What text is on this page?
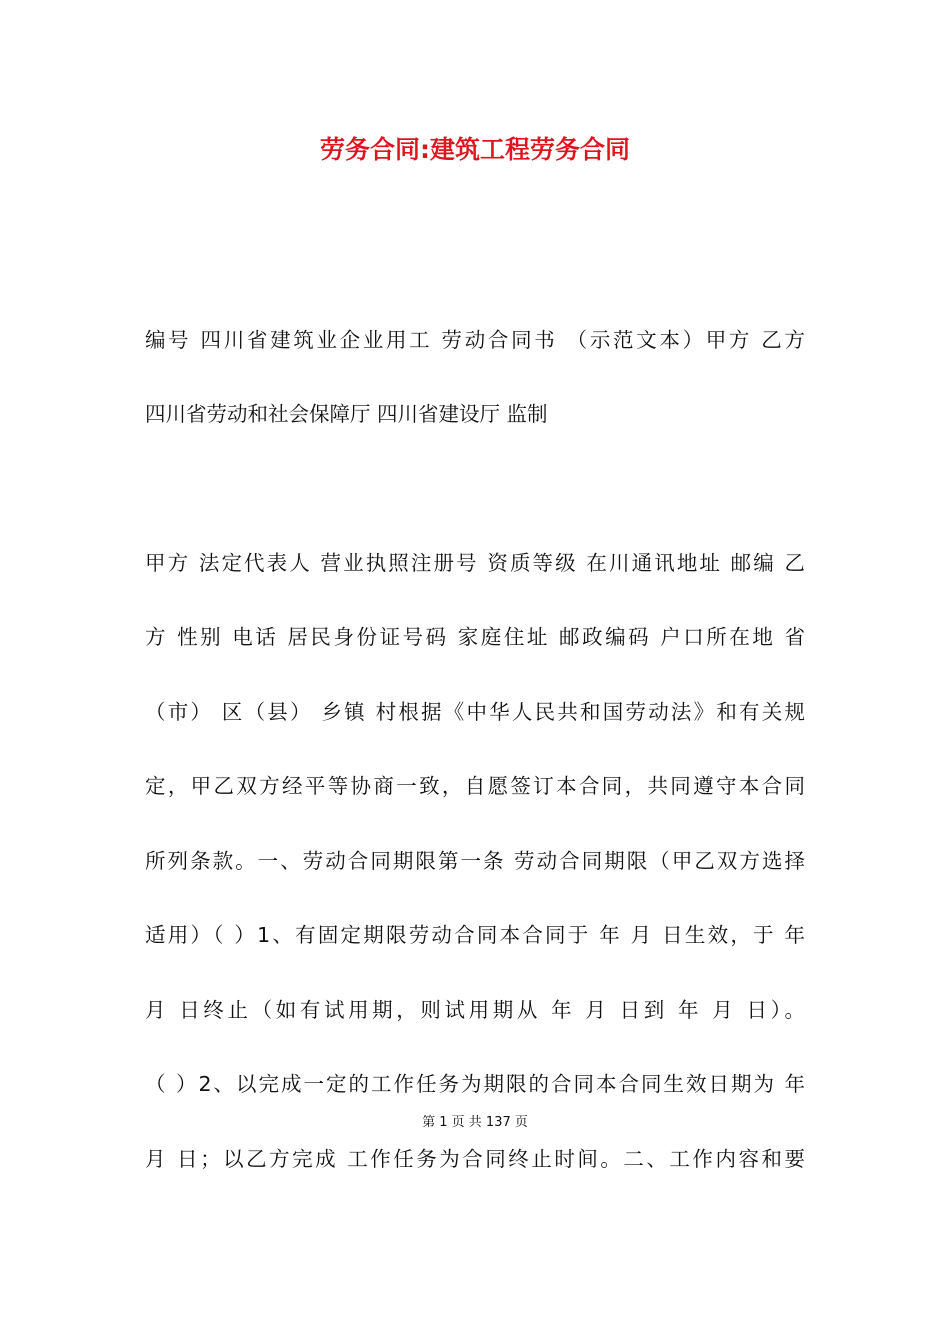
劳务合同:建筑工程劳务合同

编号 四川省建筑业企业用工 劳动合同书 （示范文本）甲方 乙方

四川省劳动和社会保障厅 四川省建设厅 监制

甲方 法定代表人 营业执照注册号 资质等级 在川通讯地址 邮编 乙

方 性别 电话 居民身份证号码 家庭住址 邮政编码 户口所在地 省

（市） 区（县） 乡镇 村根据《中华人民共和国劳动法》和有关规

定，甲乙双方经平等协商一致，自愿签订本合同，共同遵守本合同

所列条款。一、劳动合同期限第一条 劳动合同期限（甲乙双方选择

适用）（ ）1、有固定期限劳动合同本合同于 年 月 日生效，于 年

月 日终止（如有试用期，则试用期从 年 月 日到 年 月 日）。

（ ）2、以完成一定的工作任务为期限的合同本合同生效日期为 年

第 1 页 共 137 页

月 日；以乙方完成 工作任务为合同终止时间。二、工作内容和要
